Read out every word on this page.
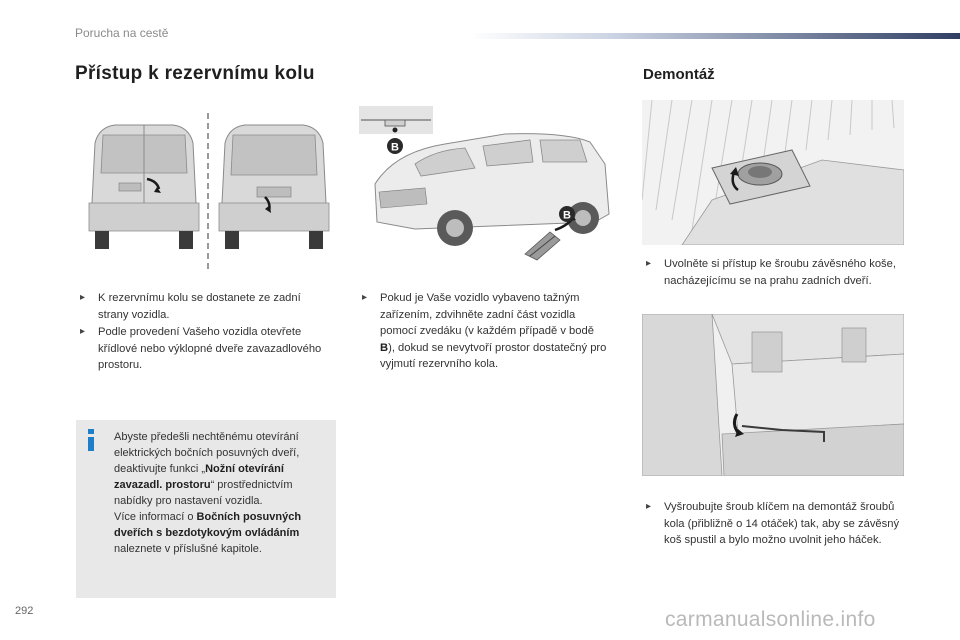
Porucha na cestě
Přístup k rezervnímu kolu	Demontáž
B
B
▸ K rezervnímu kolu se dostanete ze zadní strany vozidla.
▸ Podle provedení Vašeho vozidla otevřete křídlové nebo výklopné dveře zavazadlového prostoru.
Abyste předešli nechtěnému otevírání elektrických bočních posuvných dveří, deaktivujte funkci „Nožní otevírání zavazadl. prostoru“ prostřednictvím nabídky pro nastavení vozidla.
Více informací o Bočních posuvných dveřích s bezdotykovým ovládáním naleznete v příslušné kapitole.
▸ Pokud je Vaše vozidlo vybaveno tažným zařízením, zdvihněte zadní část vozidla pomocí zvedáku (v každém případě v bodě B), dokud se nevytvoří prostor dostatečný pro vyjmutí rezervního kola.
▸ Uvolněte si přístup ke šroubu závěsného koše, nacházejícímu se na prahu zadních dveří.
▸ Vyšroubujte šroub klíčem na demontáž šroubů kola (přibližně o 14 otáček) tak, aby se závěsný koš spustil a bylo možno uvolnit jeho háček.
292	carmanualsonline.info
